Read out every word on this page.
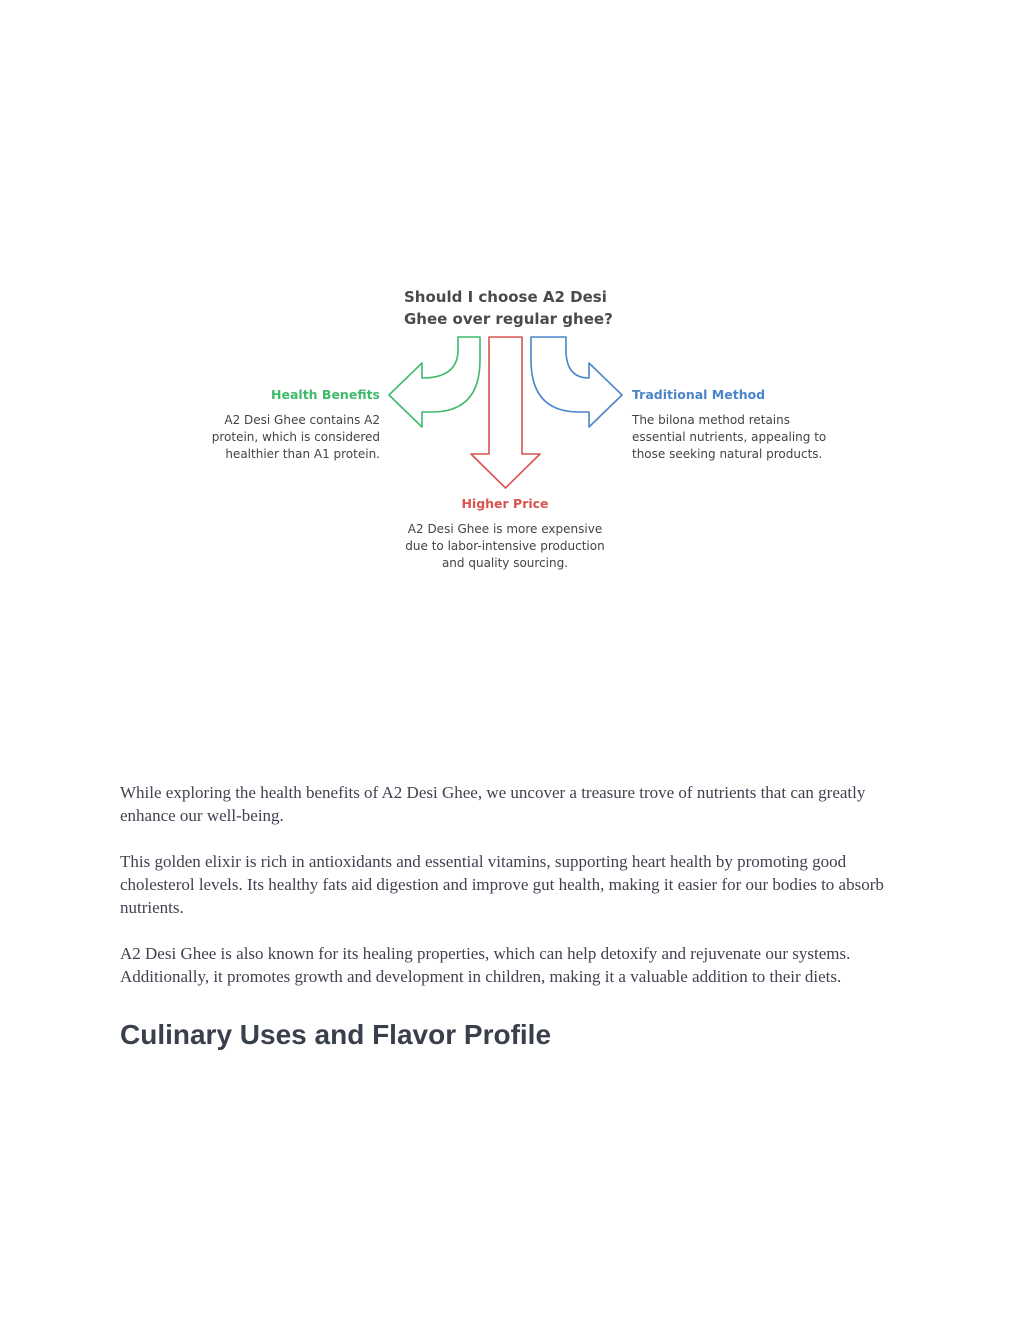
Should I choose A2 Desi Ghee over regular ghee?
Health Benefits
A2 Desi Ghee contains A2 protein, which is considered healthier than A1 protein.
Traditional Method
The bilona method retains essential nutrients, appealing to those seeking natural products.
Higher Price
A2 Desi Ghee is more expensive due to labor-intensive production and quality sourcing.

While exploring the health benefits of A2 Desi Ghee, we uncover a treasure trove of nutrients that can greatly enhance our well-being.

This golden elixir is rich in antioxidants and essential vitamins, supporting heart health by promoting good cholesterol levels. Its healthy fats aid digestion and improve gut health, making it easier for our bodies to absorb nutrients.

A2 Desi Ghee is also known for its healing properties, which can help detoxify and rejuvenate our systems. Additionally, it promotes growth and development in children, making it a valuable addition to their diets.

Culinary Uses and Flavor Profile
